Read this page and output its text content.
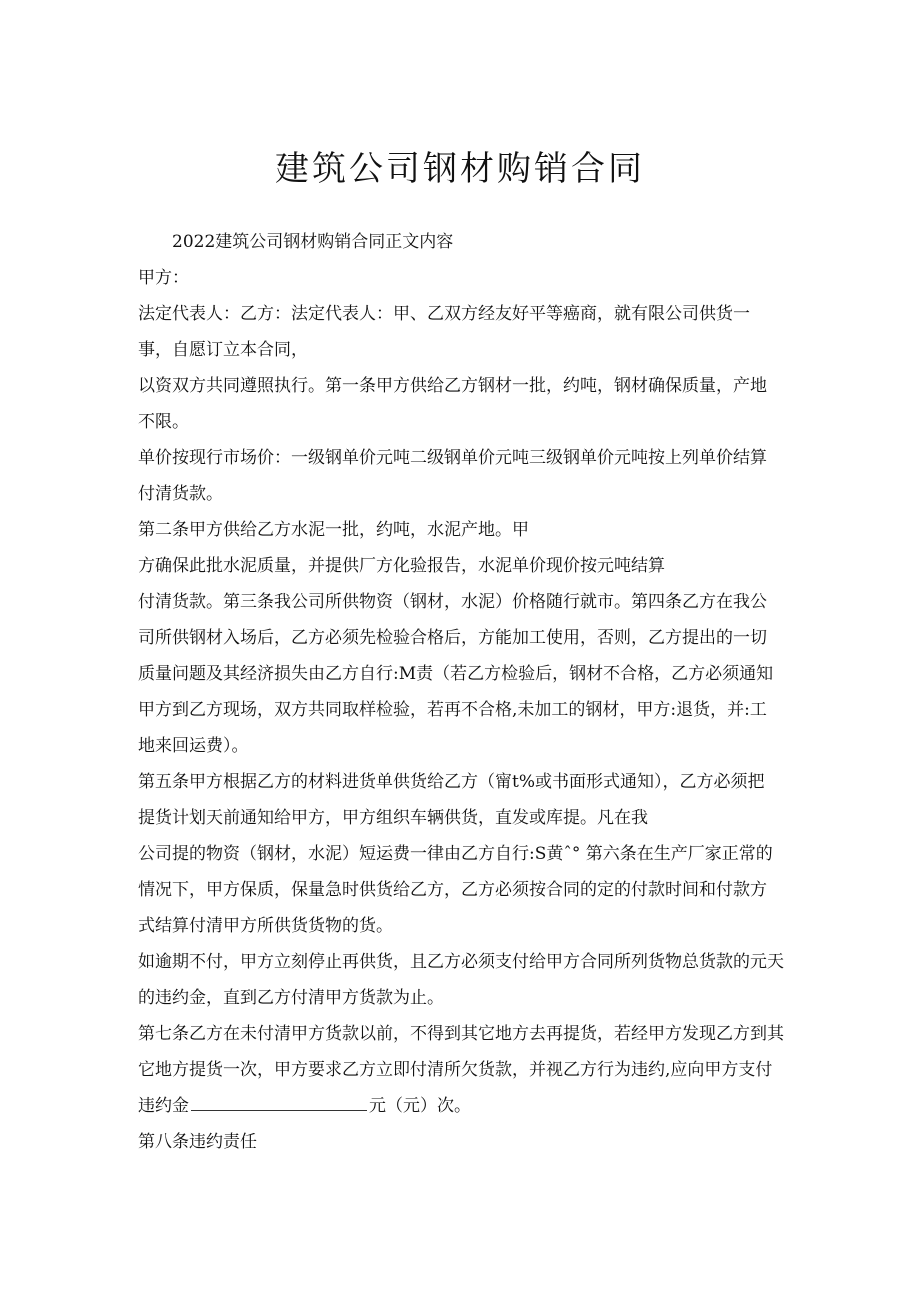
建筑公司钢材购销合同
2022建筑公司钢材购销合同正文内容
甲方：
法定代表人：乙方：法定代表人：甲、乙双方经友好平等癌商，就有限公司供货一
事，自愿订立本合同，
以资双方共同遵照执行。第一条甲方供给乙方钢材一批，约吨，钢材确保质量，产地
不限。
单价按现行市场价：一级钢单价元吨二级钢单价元吨三级钢单价元吨按上列单价结算
付清货款。
第二条甲方供给乙方水泥一批，约吨，水泥产地。甲
方确保此批水泥质量，并提供厂方化验报告，水泥单价现价按元吨结算
付清货款。第三条我公司所供物资（钢材，水泥）价格随行就市。第四条乙方在我公
司所供钢材入场后，乙方必须先检验合格后，方能加工使用，否则，乙方提出的一切
质量问题及其经济损失由乙方自行:M责（若乙方检验后，钢材不合格，乙方必须通知
甲方到乙方现场，双方共同取样检验，若再不合格,未加工的钢材，甲方:退货，并:工
地来回运费）。
第五条甲方根据乙方的材料进货单供货给乙方（甯t%或书面形式通知），乙方必须把
提货计划天前通知给甲方，甲方组织车辆供货，直发或库提。凡在我
公司提的物资（钢材，水泥）短运费一律由乙方自行:S黄ˆ° 第六条在生产厂家正常的
情况下，甲方保质，保量急时供货给乙方，乙方必须按合同的定的付款时间和付款方
式结算付清甲方所供货货物的货。
如逾期不付，甲方立刻停止再供货，且乙方必须支付给甲方合同所列货物总货款的元天
的违约金，直到乙方付清甲方货款为止。
第七条乙方在未付清甲方货款以前，不得到其它地方去再提货，若经甲方发现乙方到其
它地方提货一次，甲方要求乙方立即付清所欠货款，并视乙方行为违约,应向甲方支付
违约金	元（元）次。
第八条违约责任
